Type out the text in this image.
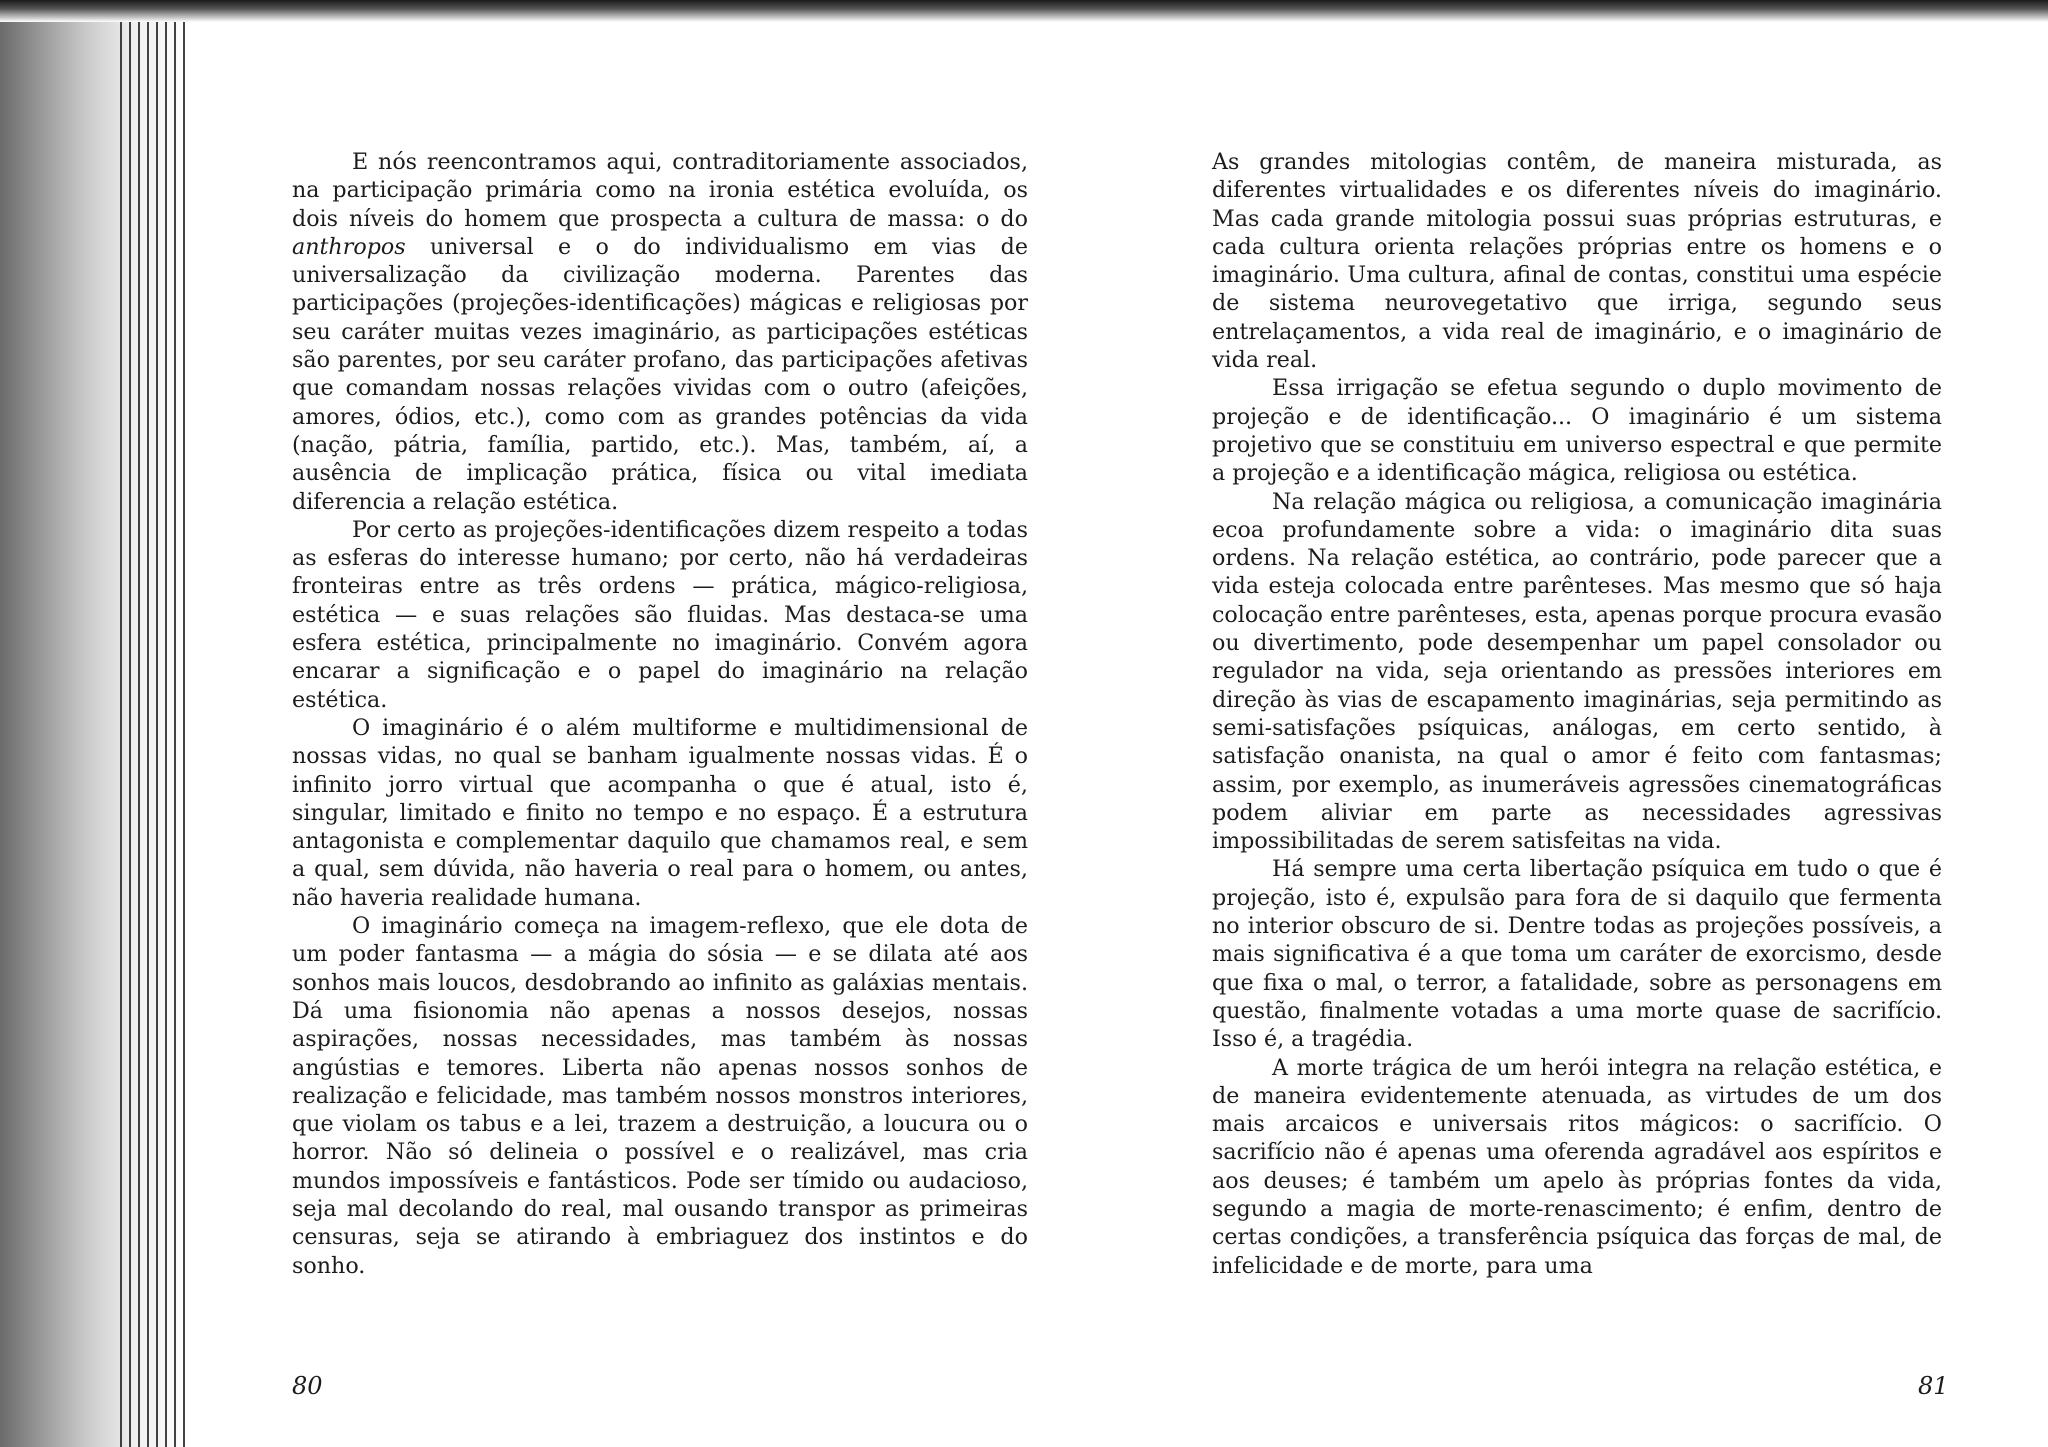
E nós reencontramos aqui, contraditoriamente associados, na participação primária como na ironia estética evoluída, os dois níveis do homem que prospecta a cultura de massa: o do anthropos universal e o do individualismo em vias de universalização da civilização moderna. Parentes das participações (projeções-identificações) mágicas e religiosas por seu caráter muitas vezes imaginário, as participações estéticas são parentes, por seu caráter profano, das participações afetivas que comandam nossas relações vividas com o outro (afeições, amores, ódios, etc.), como com as grandes potências da vida (nação, pátria, família, partido, etc.). Mas, também, aí, a ausência de implicação prática, física ou vital imediata diferencia a relação estética.

Por certo as projeções-identificações dizem respeito a todas as esferas do interesse humano; por certo, não há verdadeiras fronteiras entre as três ordens — prática, mágico-religiosa, estética — e suas relações são fluidas. Mas destaca-se uma esfera estética, principalmente no imaginário. Convém agora encarar a significação e o papel do imaginário na relação estética.

O imaginário é o além multiforme e multidimensional de nossas vidas, no qual se banham igualmente nossas vidas. É o infinito jorro virtual que acompanha o que é atual, isto é, singular, limitado e finito no tempo e no espaço. É a estrutura antagonista e complementar daquilo que chamamos real, e sem a qual, sem dúvida, não haveria o real para o homem, ou antes, não haveria realidade humana.

O imaginário começa na imagem-reflexo, que ele dota de um poder fantasma — a mágia do sósia — e se dilata até aos sonhos mais loucos, desdobrando ao infinito as galáxias mentais. Dá uma fisionomia não apenas a nossos desejos, nossas aspirações, nossas necessidades, mas também às nossas angústias e temores. Liberta não apenas nossos sonhos de realização e felicidade, mas também nossos monstros interiores, que violam os tabus e a lei, trazem a destruição, a loucura ou o horror. Não só delineia o possível e o realizável, mas cria mundos impossíveis e fantásticos. Pode ser tímido ou audacioso, seja mal decolando do real, mal ousando transpor as primeiras censuras, seja se atirando à embriaguez dos instintos e do sonho.

As grandes mitologias contêm, de maneira misturada, as diferentes virtualidades e os diferentes níveis do imaginário. Mas cada grande mitologia possui suas próprias estruturas, e cada cultura orienta relações próprias entre os homens e o imaginário. Uma cultura, afinal de contas, constitui uma espécie de sistema neurovegetativo que irriga, segundo seus entrelaçamentos, a vida real de imaginário, e o imaginário de vida real.

Essa irrigação se efetua segundo o duplo movimento de projeção e de identificação... O imaginário é um sistema projetivo que se constituiu em universo espectral e que permite a projeção e a identificação mágica, religiosa ou estética.

Na relação mágica ou religiosa, a comunicação imaginária ecoa profundamente sobre a vida: o imaginário dita suas ordens. Na relação estética, ao contrário, pode parecer que a vida esteja colocada entre parênteses. Mas mesmo que só haja colocação entre parênteses, esta, apenas porque procura evasão ou divertimento, pode desempenhar um papel consolador ou regulador na vida, seja orientando as pressões interiores em direção às vias de escapamento imaginárias, seja permitindo as semi-satisfações psíquicas, análogas, em certo sentido, à satisfação onanista, na qual o amor é feito com fantasmas; assim, por exemplo, as inumeráveis agressões cinematográficas podem aliviar em parte as necessidades agressivas impossibilitadas de serem satisfeitas na vida.

Há sempre uma certa libertação psíquica em tudo o que é projeção, isto é, expulsão para fora de si daquilo que fermenta no interior obscuro de si. Dentre todas as projeções possíveis, a mais significativa é a que toma um caráter de exorcismo, desde que fixa o mal, o terror, a fatalidade, sobre as personagens em questão, finalmente votadas a uma morte quase de sacrifício. Isso é, a tragédia.

A morte trágica de um herói integra na relação estética, e de maneira evidentemente atenuada, as virtudes de um dos mais arcaicos e universais ritos mágicos: o sacrifício. O sacrifício não é apenas uma oferenda agradável aos espíritos e aos deuses; é também um apelo às próprias fontes da vida, segundo a magia de morte-renascimento; é enfim, dentro de certas condições, a transferência psíquica das forças de mal, de infelicidade e de morte, para uma

80	81
